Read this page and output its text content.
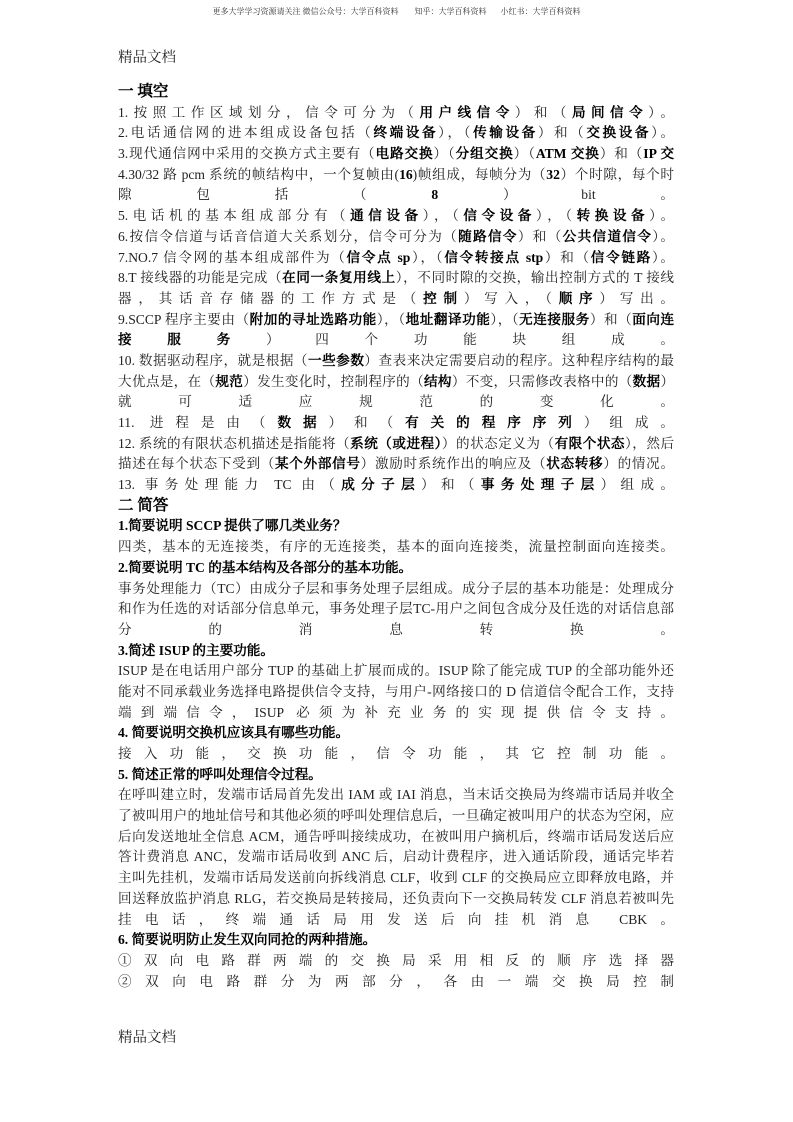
更多大学学习资源请关注 微信公众号：大学百科资料        知乎：大学百科资料       小红书：大学百科资料
精品文档
一 填空
1.按照工作区域划分，信令可分为（用户线信令）和（局间信令）。
2.电话通信网的进本组成设备包括（终端设备），（传输设备）和（交换设备）。
3.现代通信网中采用的交换方式主要有（电路交换）（分组交换）（ATM 交换）和（IP 交
4.30/32 路 pcm 系统的帧结构中，一个复帧由(16)帧组成，每帧分为（32）个时隙，每个时
隙包括（8）bit。
5.电话机的基本组成部分有（通信设备），（信令设备），（转换设备）。
6.按信令信道与话音信道大关系划分，信令可分为（随路信令）和（公共信道信令）。
7.NO.7 信令网的基本组成部件为（信令点 sp），（信令转接点 stp）和（信令链路）。
8.T 接线器的功能是完成（在同一条复用线上），不同时隙的交换，输出控制方式的 T 接线
器，其话音存储器的工作方式是（控制）写入，（顺序）写出。
9.SCCP 程序主要由（附加的寻址选路功能），（地址翻译功能），（无连接服务）和（面向连
接服务）四个功能块组成。
10. 数据驱动程序，就是根据（一些参数）查表来决定需要启动的程序。这种程序结构的最
大优点是，在（规范）发生变化时，控制程序的（结构）不变，只需修改表格中的（数据）
就可适应规范的变化。
11. 进程是由（数据）和（有关的程序序列）组成。
12. 系统的有限状态机描述是指能将（系统（或进程））的状态定义为（有限个状态），然后
描述在每个状态下受到（某个外部信号）激励时系统作出的响应及（状态转移）的情况。
13. 事务处理能力 TC 由（成分子层）和（事务处理子层）组成。
二 简答
1.简要说明 SCCP 提供了哪几类业务？
四类，基本的无连接类，有序的无连接类，基本的面向连接类，流量控制面向连接类。
2.简要说明 TC 的基本结构及各部分的基本功能。
事务处理能力（TC）由成分子层和事务处理子层组成。成分子层的基本功能是：处理成分
和作为任选的对话部分信息单元，事务处理子层TC-用户之间包含成分及任选的对话信息部
分的消息转换。
3.简述 ISUP 的主要功能。
ISUP 是在电话用户部分 TUP 的基础上扩展而成的。ISUP 除了能完成 TUP 的全部功能外还
能对不同承载业务选择电路提供信令支持，与用户-网络接口的 D 信道信令配合工作，支持
端到端信令，ISUP 必须为补充业务的实现提供信令支持。
4. 简要说明交换机应该具有哪些功能。
接入功能，交换功能，信令功能，其它控制功能。
5. 简述正常的呼叫处理信令过程。
在呼叫建立时，发端市话局首先发出 IAM 或 IAI 消息，当末话交换局为终端市话局并收全
了被叫用户的地址信号和其他必须的呼叫处理信息后，一旦确定被叫用户的状态为空闲，应
后向发送地址全信息 ACM，通告呼叫接续成功，在被叫用户摘机后，终端市话局发送后应
答计费消息 ANC，发端市话局收到 ANC 后，启动计费程序，进入通话阶段，通话完毕若
主叫先挂机，发端市话局发送前向拆线消息 CLF，收到 CLF 的交换局应立即释放电路，并
回送释放监护消息 RLG，若交换局是转接局，还负责向下一交换局转发 CLF 消息若被叫先
挂电话，终端通话局用发送后向挂机消息 CBK。
6. 简要说明防止发生双向同抢的两种措施。
①双向电路群两端的交换局采用相反的顺序选择器
②双向电路群分为两部分，各由一端交换局控制
精品文档
